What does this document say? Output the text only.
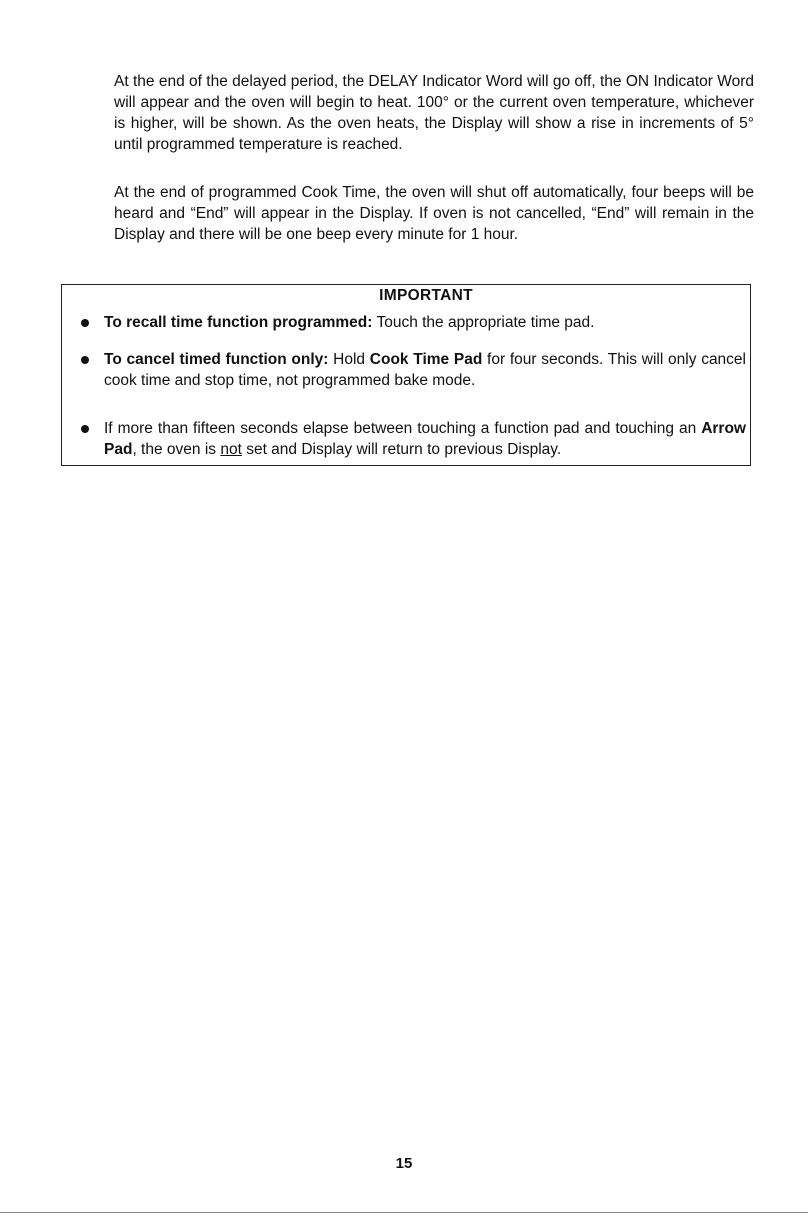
At the end of the delayed period, the DELAY Indicator Word will go off, the ON Indicator Word will appear and the oven will begin to heat. 100° or the current oven temperature, whichever is higher, will be shown. As the oven heats, the Display will show a rise in increments of 5° until programmed temperature is reached.

At the end of programmed Cook Time, the oven will shut off automatically, four beeps will be heard and “End” will appear in the Display. If oven is not cancelled, “End” will remain in the Display and there will be one beep every minute for 1 hour.

IMPORTANT

To recall time function programmed: Touch the appropriate time pad.
To cancel timed function only: Hold Cook Time Pad for four seconds. This will only cancel cook time and stop time, not programmed bake mode.
If more than fifteen seconds elapse between touching a function pad and touching an Arrow Pad, the oven is not set and Display will return to previous Display.
15
